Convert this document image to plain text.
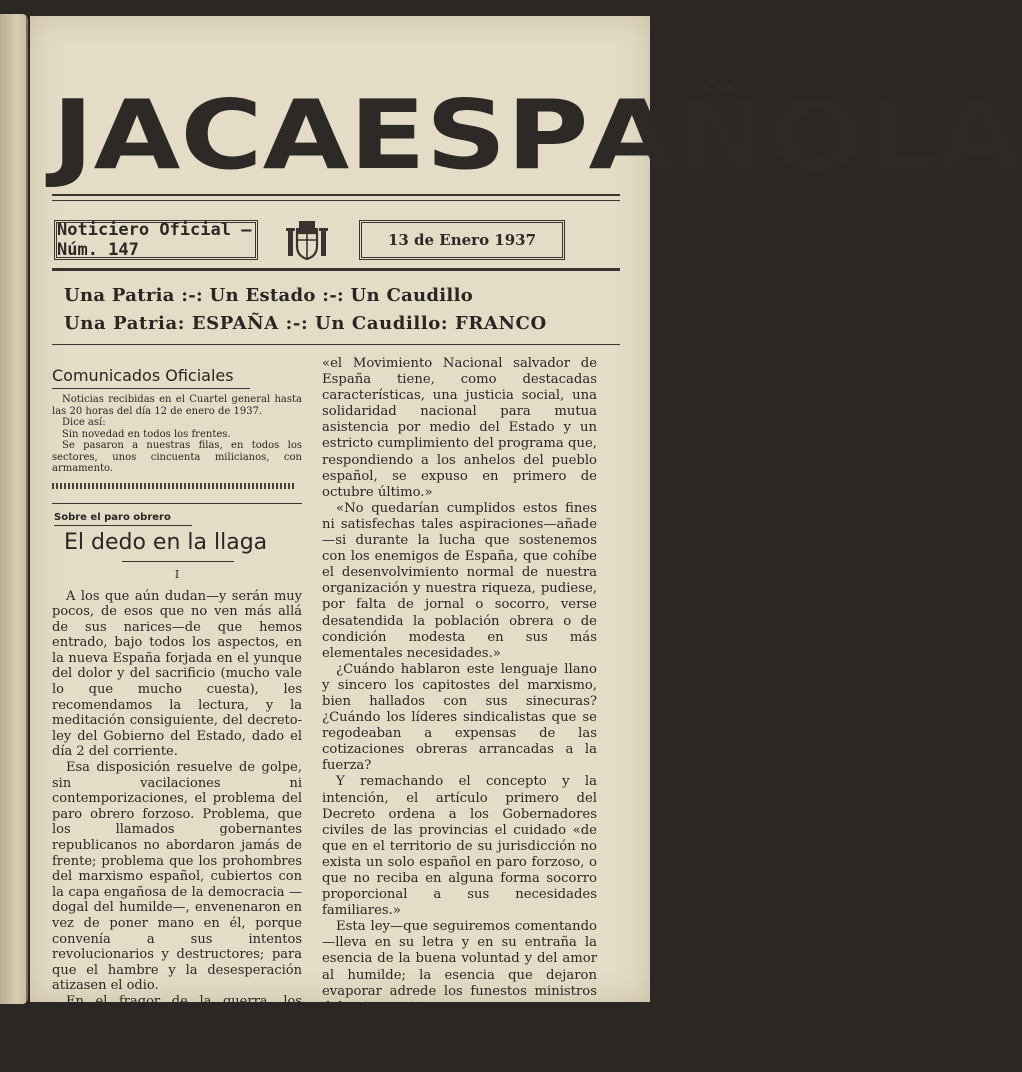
J A C A E S P A Ñ O L A
Noticiero Oficial — Núm. 147	13 de Enero 1937
Una Patria :-: Un Estado :-: Un Caudillo
Una Patria: ESPAÑA :-: Un Caudillo: FRANCO
Comunicados Oficiales

Noticias recibidas en el Cuartel general hasta las 20 horas del día 12 de enero de 1937.

Dice así:

Sin novedad en todos los frentes.

Se pasaron a nuestras filas, en todos los sectores, unos cincuenta milicianos, con armamento.

Sobre el paro obrero
El dedo en la llaga
I

A los que aún dudan—y serán muy pocos, de esos que no ven más allá de sus narices—de que hemos entrado, bajo todos los aspectos, en la nueva España forjada en el yunque del dolor y del sacrificio (mucho vale lo que mucho cuesta), les recomendamos la lectura, y la meditación consiguiente, del decreto-ley del Gobierno del Estado, dado el día 2 del corriente.

Esa disposición resuelve de golpe, sin vacilaciones ni contemporizaciones, el problema del paro obrero forzoso. Problema, que los llamados gobernantes republicanos no abordaron jamás de frente; problema que los prohombres del marxismo español, cubiertos con la capa engañosa de la democracia —dogal del humilde—, envenenaron en vez de poner mano en él, porque convenía a sus intentos revolucionarios y destructores; para que el hambre y la desesperación atizasen el odio.

En el fragor de la guerra, los constructores del nuevo Estado se acuerdan del trabajador, porque, como dice el preámbulo de la aludida disposición,

«el Movimiento Nacional salvador de España tiene, como destacadas características, una justicia social, una solidaridad nacional para mutua asistencia por medio del Estado y un estricto cumplimiento del programa que, respondiendo a los anhelos del pueblo español, se expuso en primero de octubre último.»

«No quedarían cumplidos estos fines ni satisfechas tales aspiraciones—añade—si durante la lucha que sostenemos con los enemigos de España, que cohíbe el desenvolvimiento normal de nuestra organización y nuestra riqueza, pudiese, por falta de jornal o socorro, verse desatendida la población obrera o de condición modesta en sus más elementales necesidades.»

¿Cuándo hablaron este lenguaje llano y sincero los capitostes del marxismo, bien hallados con sus sinecuras? ¿Cuándo los líderes sindicalistas que se regodeaban a expensas de las cotizaciones obreras arrancadas a la fuerza?

Y remachando el concepto y la intención, el artículo primero del Decreto ordena a los Gobernadores civiles de las provincias el cuidado «de que en el territorio de su jurisdicción no exista un solo español en paro forzoso, o que no reciba en alguna forma socorro proporcional a sus necesidades familiares.»

Esta ley—que seguiremos comentando—lleva en su letra y en su entraña la esencia de la buena voluntad y del amor al humilde; la esencia que dejaron evaporar adrede los funestos ministros del quinquenio.

Ricardo DEL ARCO
